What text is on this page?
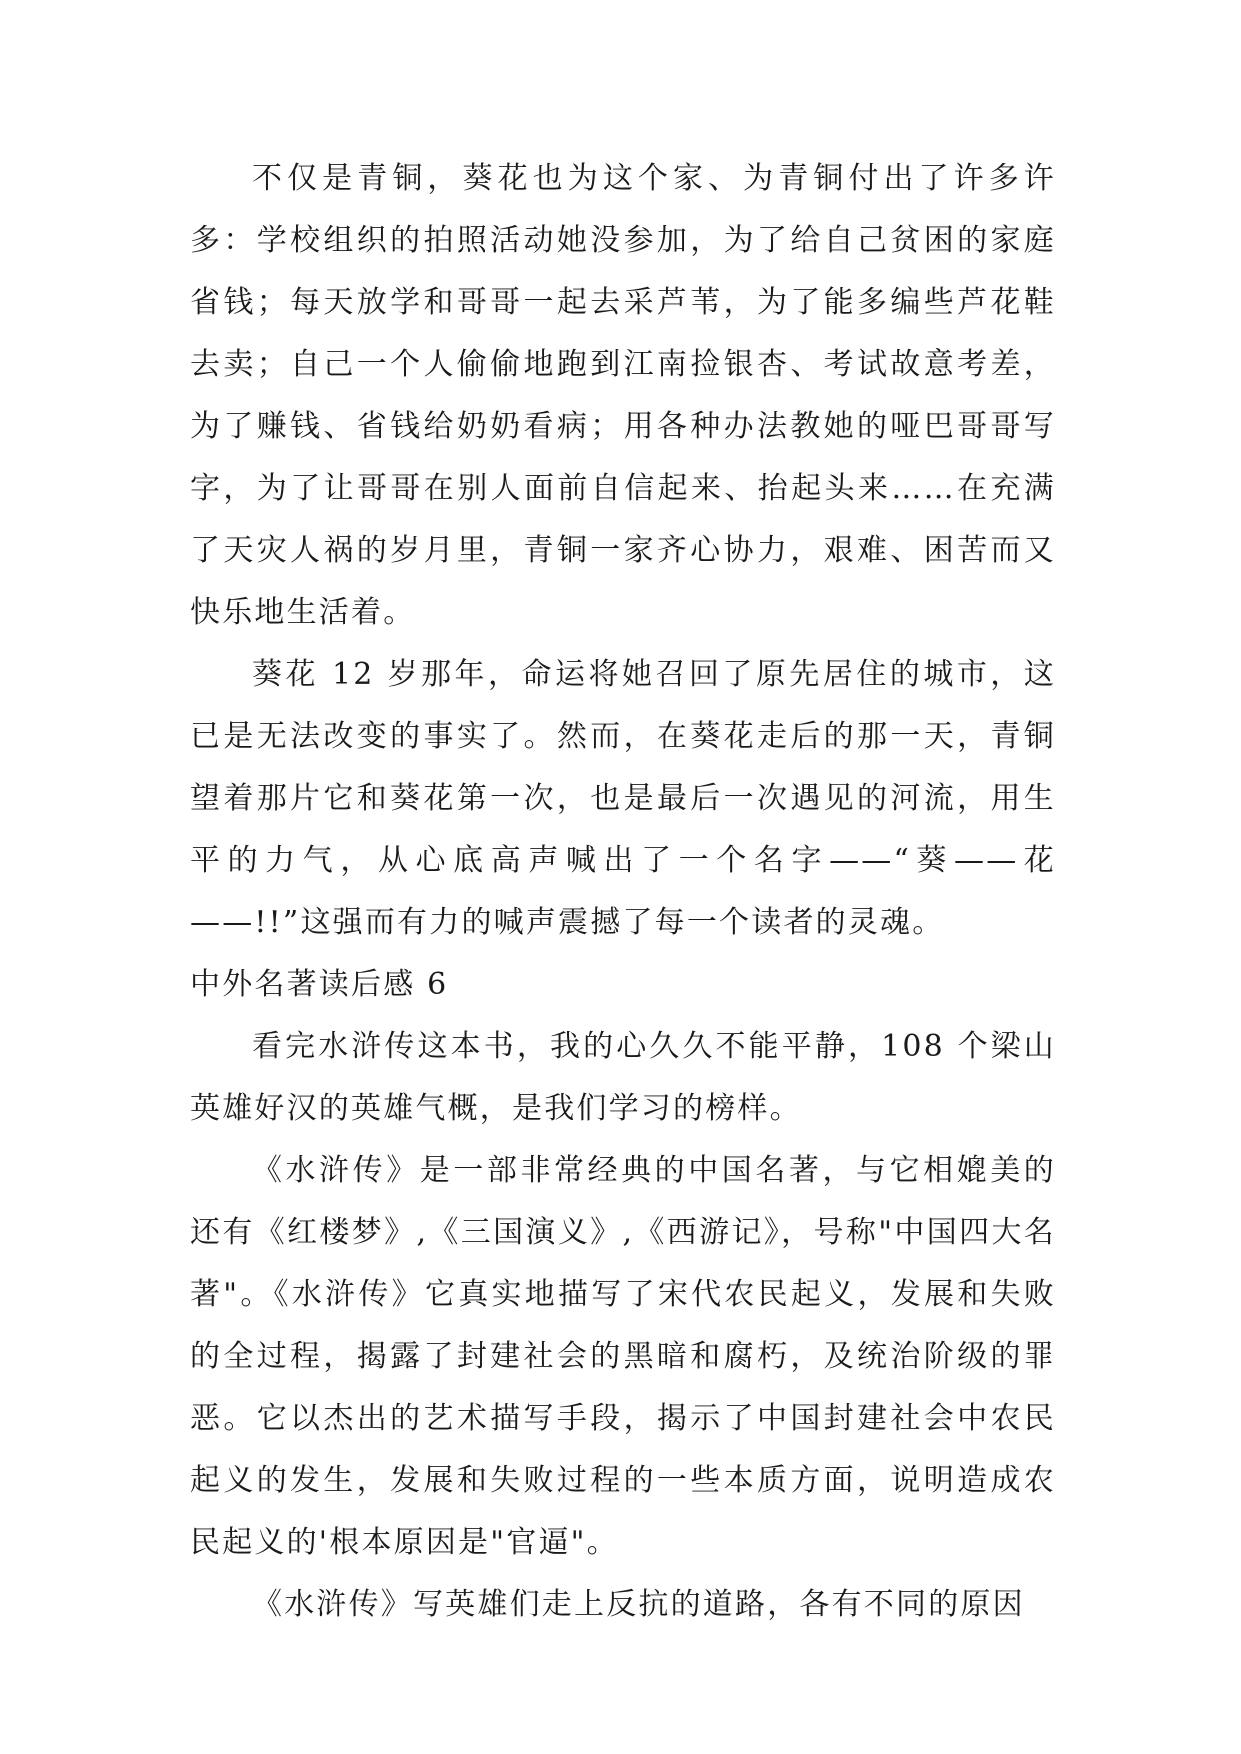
不仅是青铜，葵花也为这个家、为青铜付出了许多许多：学校组织的拍照活动她没参加，为了给自己贫困的家庭省钱；每天放学和哥哥一起去采芦苇，为了能多编些芦花鞋去卖；自己一个人偷偷地跑到江南捡银杏、考试故意考差，为了赚钱、省钱给奶奶看病；用各种办法教她的哑巴哥哥写字，为了让哥哥在别人面前自信起来、抬起头来……在充满了天灾人祸的岁月里，青铜一家齐心协力，艰难、困苦而又快乐地生活着。

葵花 12 岁那年，命运将她召回了原先居住的城市，这已是无法改变的事实了。然而，在葵花走后的那一天，青铜望着那片它和葵花第一次，也是最后一次遇见的河流，用生平的力气，从心底高声喊出了一个名字——“葵——花——!!”这强而有力的喊声震撼了每一个读者的灵魂。

中外名著读后感 6

看完水浒传这本书，我的心久久不能平静，108 个梁山英雄好汉的英雄气概，是我们学习的榜样。

《水浒传》是一部非常经典的中国名著，与它相媲美的还有《红楼梦》,《三国演义》,《西游记》，号称"中国四大名著"。《水浒传》它真实地描写了宋代农民起义，发展和失败的全过程，揭露了封建社会的黑暗和腐朽，及统治阶级的罪恶。它以杰出的艺术描写手段，揭示了中国封建社会中农民起义的发生，发展和失败过程的一些本质方面，说明造成农民起义的'根本原因是"官逼"。

《水浒传》写英雄们走上反抗的道路，各有不同的原因
